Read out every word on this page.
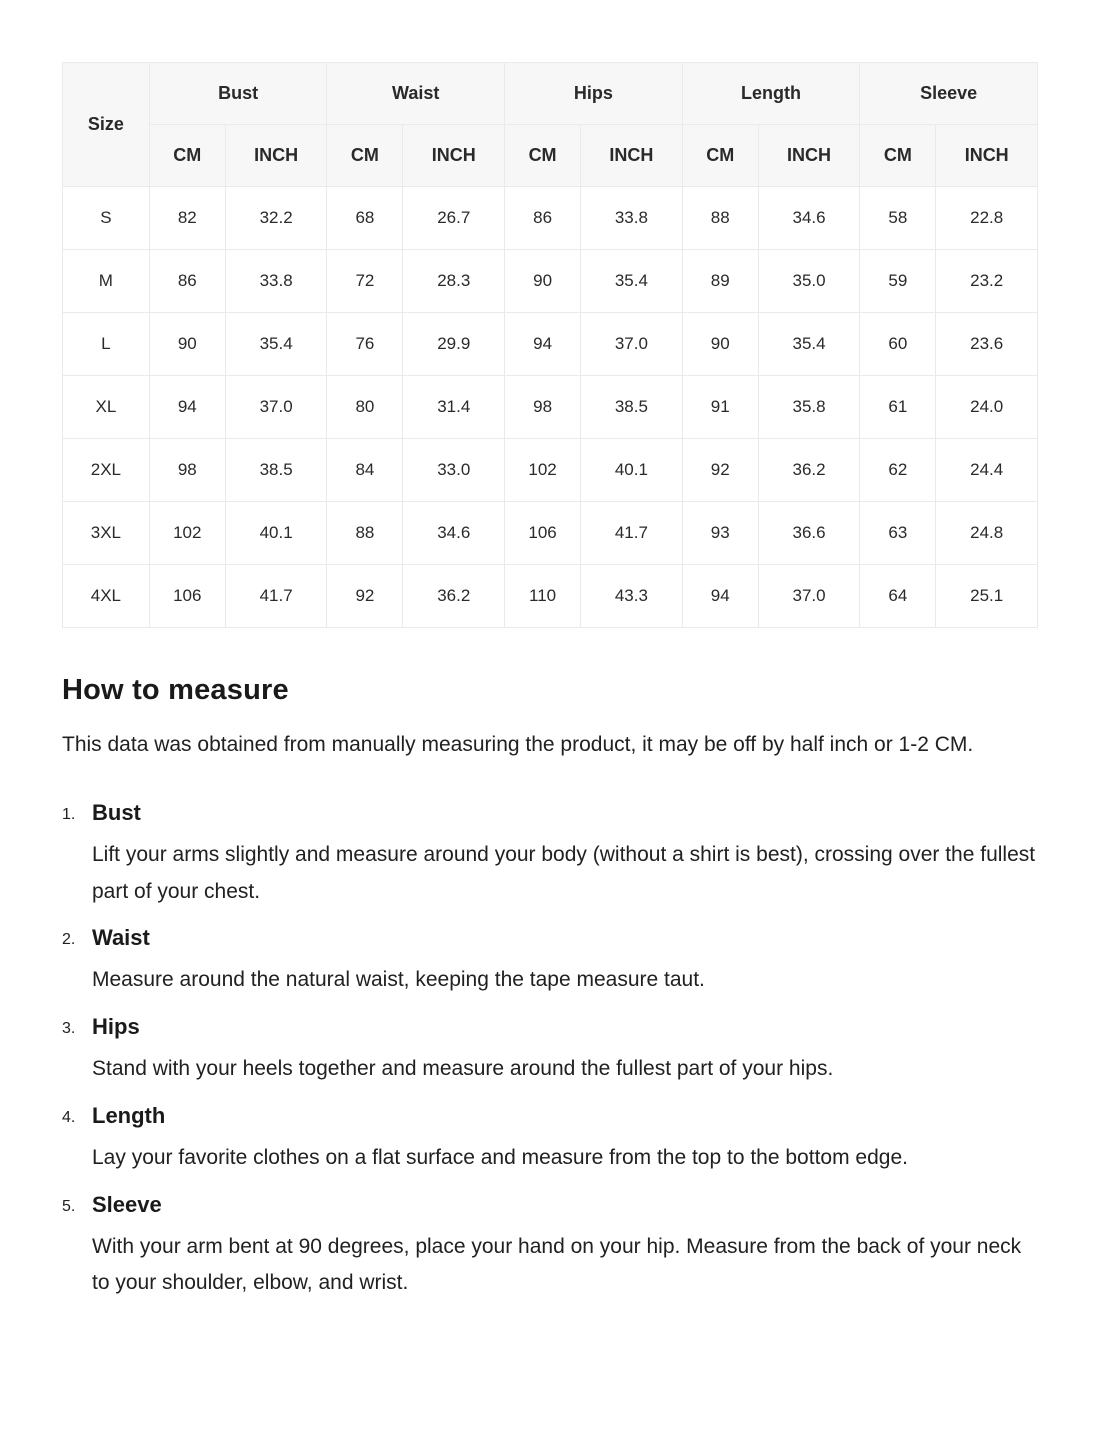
Size	Bust		Waist		Hips		Length		Sleeve	
	CM	INCH	CM	INCH	CM	INCH	CM	INCH	CM	INCH
S	82	32.2	68	26.7	86	33.8	88	34.6	58	22.8
M	86	33.8	72	28.3	90	35.4	89	35.0	59	23.2
L	90	35.4	76	29.9	94	37.0	90	35.4	60	23.6
XL	94	37.0	80	31.4	98	38.5	91	35.8	61	24.0
2XL	98	38.5	84	33.0	102	40.1	92	36.2	62	24.4
3XL	102	40.1	88	34.6	106	41.7	93	36.6	63	24.8
4XL	106	41.7	92	36.2	110	43.3	94	37.0	64	25.1
How to measure

This data was obtained from manually measuring the product, it may be off by half inch or 1-2 CM.

1. Bust

Lift your arms slightly and measure around your body (without a shirt is best), crossing over the fullest part of your chest.

2. Waist

Measure around the natural waist, keeping the tape measure taut.

3. Hips

Stand with your heels together and measure around the fullest part of your hips.

4. Length

Lay your favorite clothes on a flat surface and measure from the top to the bottom edge.

5. Sleeve

With your arm bent at 90 degrees, place your hand on your hip. Measure from the back of your neck to your shoulder, elbow, and wrist.
